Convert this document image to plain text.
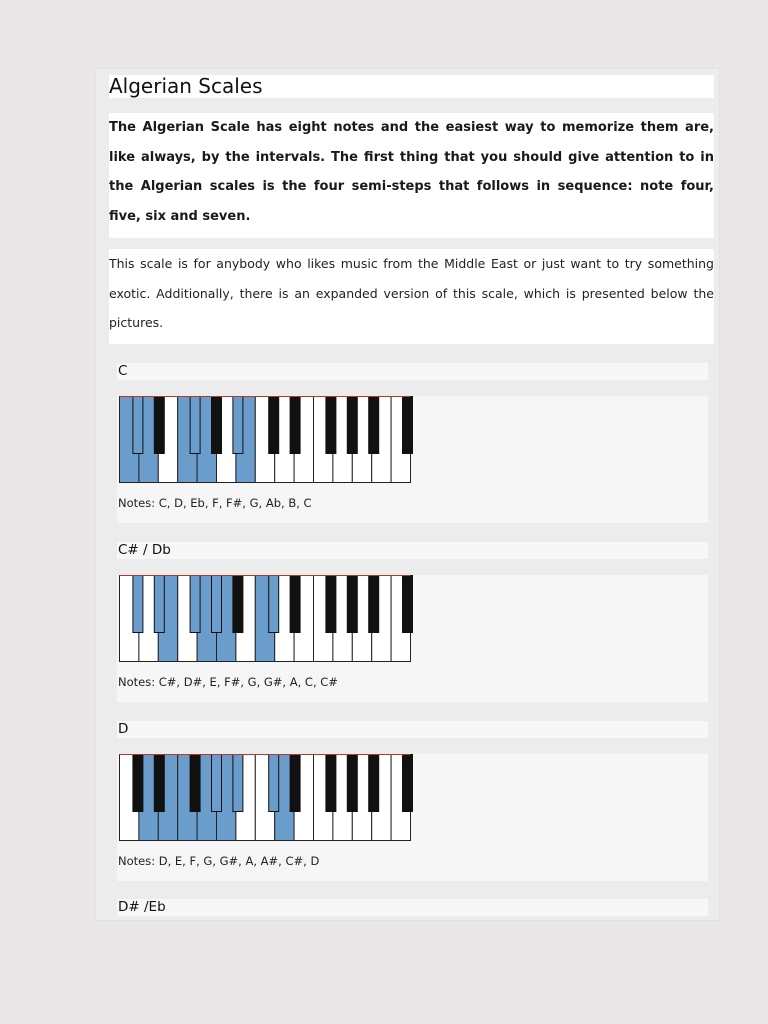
Algerian Scales

The Algerian Scale has eight notes and the easiest way to memorize them are, like always, by the intervals. The first thing that you should give attention to in the Algerian scales is the four semi-steps that follows in sequence: note four, five, six and seven.

This scale is for anybody who likes music from the Middle East or just want to try something exotic. Additionally, there is an expanded version of this scale, which is presented below the pictures.

C
Notes: C, D, Eb, F, F#, G, Ab, B, C
C# / Db
Notes: C#, D#, E, F#, G, G#, A, C, C#
D
Notes: D, E, F, G, G#, A, A#, C#, D
D# /Eb
